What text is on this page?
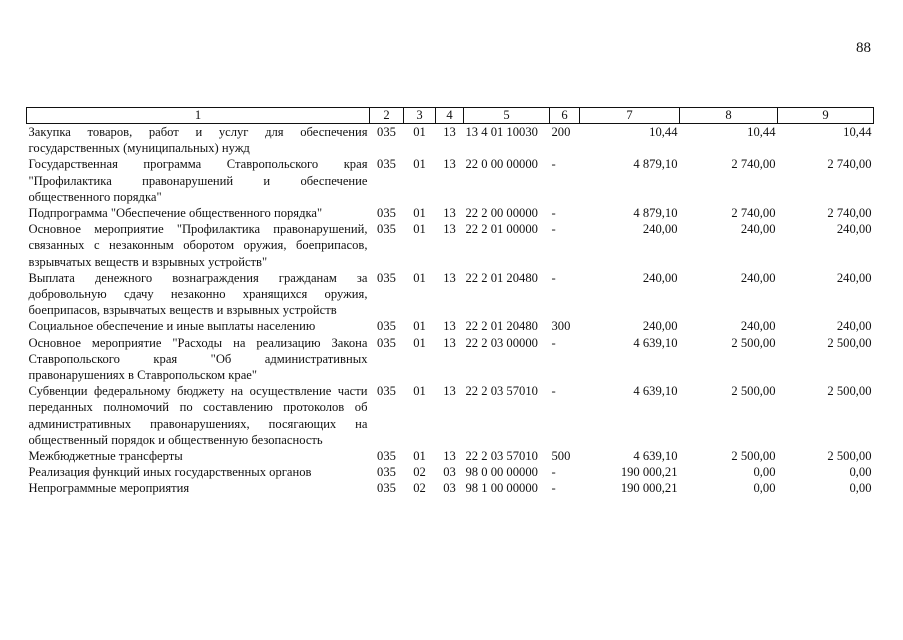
88
1	2	3	4	5	6	7	8	9
Закупка товаров, работ и услуг для обеспечения государственных (муниципальных) нужд	035	01	13	13 4 01 10030	200	10,44	10,44	10,44
Государственная программа Ставропольского края "Профилактика правонарушений и обеспечение общественного порядка"	035	01	13	22 0 00 00000	-	4 879,10	2 740,00	2 740,00
Подпрограмма "Обеспечение общественного порядка"	035	01	13	22 2 00 00000	-	4 879,10	2 740,00	2 740,00
Основное мероприятие "Профилактика правонарушений, связанных с незаконным оборотом оружия, боеприпасов, взрывчатых веществ и взрывных устройств"	035	01	13	22 2 01 00000	-	240,00	240,00	240,00
Выплата денежного вознаграждения гражданам за добровольную сдачу незаконно хранящихся оружия, боеприпасов, взрывчатых веществ и взрывных устройств	035	01	13	22 2 01 20480	-	240,00	240,00	240,00
Социальное обеспечение и иные выплаты населению	035	01	13	22 2 01 20480	300	240,00	240,00	240,00
Основное мероприятие "Расходы на реализацию Закона Ставропольского края "Об административных правонарушениях в Ставропольском крае"	035	01	13	22 2 03 00000	-	4 639,10	2 500,00	2 500,00
Субвенции федеральному бюджету на осуществление части переданных полномочий по составлению протоколов об административных правонарушениях, посягающих на общественный порядок и общественную безопасность	035	01	13	22 2 03 57010	-	4 639,10	2 500,00	2 500,00
Межбюджетные трансферты	035	01	13	22 2 03 57010	500	4 639,10	2 500,00	2 500,00
Реализация функций иных государственных органов	035	02	03	98 0 00 00000	-	190 000,21	0,00	0,00
Непрограммные мероприятия	035	02	03	98 1 00 00000	-	190 000,21	0,00	0,00
